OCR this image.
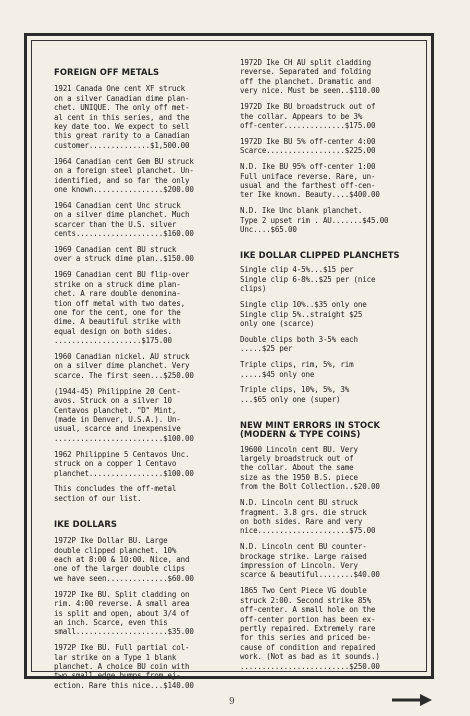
FOREIGN OFF METALS
1921 Canada One cent XF struck
on a silver Canadian dime plan-
chet. UNIQUE. The only off met-
al cent in this series, and the
key date too. We expect to sell
this great rarity to a Canadian
customer..............$1,500.00
1964 Canadian cent Gem BU struck
on a foreign steel planchet. Un-
identified, and so far the only
one known................$200.00
1964 Canadian cent Unc struck
on a silver dime planchet. Much
scarcer than the U.S. silver
cents....................$160.00
1969 Canadian cent BU struck
over a struck dime plan..$150.00
1969 Canadian cent BU flip-over
strike on a struck dime plan-
chet. A rare double denomina-
tion off metal with two dates,
one for the cent, one for the
dime. A beautiful strike with
equal design on both sides.
....................$175.00
1960 Canadian nickel. AU struck
on a silver dime planchet. Very
scarce. The first seen...$250.00
(1944-45) Philippine 20 Cent-
avos. Struck on a silver 10
Centavos planchet. "D" Mint,
(made in Denver, U.S.A.). Un-
usual, scarce and inexpensive
.........................$100.00
1962 Philippine 5 Centavos Unc.
struck on a copper 1 Centavo
planchet.................$100.00
This concludes the off-metal
section of our list.
IKE DOLLARS
1972P Ike Dollar BU. Large
double clipped planchet. 10%
each at 8:00 & 10:00. Nice, and
one of the larger double clips
we have seen..............$60.00
1972P Ike BU. Split cladding on
rim. 4:00 reverse. A small area
is split and open, about 3/4 of
an inch. Scarce, even this
small.....................$35.00
1972P Ike BU. Full partial col-
lar strike on a Type 1 blank
planchet. A choice BU coin with
two small edge bumps from ej-
ection. Rare this nice...$140.00
1972D Ike CH AU split cladding
reverse. Separated and folding
off the planchet. Dramatic and
very nice. Must be seen..$110.00
1972D Ike BU broadstruck out of
the collar. Appears to be 3%
off-center..............$175.00
1972D Ike BU 5% off-center 4:00
Scarce..................$225.00
N.D. Ike BU 95% off-center 1:00
Full uniface reverse. Rare, un-
usual and the farthest off-cen-
ter Ike known. Beauty....$400.00
N.D. Ike Unc blank planchet.
Type 2 upset rim . AU.......$45.00
Unc....$65.00
IKE DOLLAR CLIPPED PLANCHETS
Single clip 4-5%...$15 per
Single clip 6-8%..$25 per (nice
clips)
Single clip 10%..$35 only one
Single clip 5%..straight $25
only one (scarce)
Double clips both 3-5% each
.....$25 per
Triple clips, rim, 5%, rim
.....$45 only one
Triple clips, 10%, 5%, 3%
...$65 only one (super)
NEW MINT ERRORS IN STOCK
(MODERN & TYPE COINS)
19600 Lincoln cent BU. Very
largely broadstruck out of
the collar. About the same
size as the 1950 B.S. piece
from the Bolt Collection..$20.00
N.D. Lincoln cent BU struck
fragment. 3.8 grs. die struck
on both sides. Rare and very
nice.....................$75.00
N.D. Lincoln cent BU counter-
brockage strike. Large raised
impression of Lincoln. Very
scarce & beautiful........$40.00
1865 Two Cent Piece VG double
struck 2:00. Second strike 85%
off-center. A small hole on the
off-center portion has been ex-
pertly repaired. Extremely rare
for this series and priced be-
cause of condition and repaired
work. (Not as bad as it sounds.)
.........................$250.00
9
